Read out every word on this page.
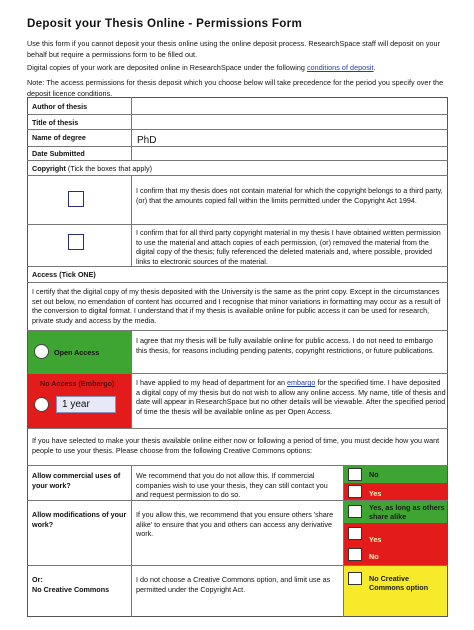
Deposit your Thesis Online - Permissions Form
Use this form if you cannot deposit your thesis online using the online deposit process. ResearchSpace staff will deposit on your behalf but require a permissions form to be filled out.
Digital copies of your work are deposited online in ResearchSpace under the following conditions of deposit.
Note: The access permissions for thesis deposit which you choose below will take precedence for the period you specify over the deposit licence conditions.
Author of thesis
Title of thesis
Name of degree	PhD
Date Submitted
Copyright (Tick the boxes that apply)
I confirm that my thesis does not contain material for which the copyright belongs to a third party, (or) that the amounts copied fall within the limits permitted under the Copyright Act 1994.
I confirm that for all third party copyright material in my thesis I have obtained written permission to use the material and attach copies of each permission, (or) removed the material from the digital copy of the thesis; fully referenced the deleted materials and, where possible, provided links to electronic sources of the material.
Access (Tick ONE)
I certify that the digital copy of my thesis deposited with the University is the same as the print copy. Except in the circumstances set out below, no emendation of content has occurred and I recognise that minor variations in formatting may occur as a result of the conversion to digital format. I understand that if my thesis is available online for public access it can be used for research, private study and access by the media.
Open Access
I agree that my thesis will be fully available online for public access. I do not need to embargo this thesis, for reasons including pending patents, copyright restrictions, or future publications.
No Access (Embargo)
1 year
I have applied to my head of department for an embargo for the specified time. I have deposited a digital copy of my thesis but do not wish to allow any online access. My name, title of thesis and date will appear in ResearchSpace but no other details will be viewable. After the specified period of time the thesis will be available online as per Open Access.
If you have selected to make your thesis available online either now or following a period of time, you must decide how you want people to use your thesis. Please choose from the following Creative Commons options:
Allow commercial uses of your work?
We recommend that you do not allow this. If commercial companies wish to use your thesis, they can still contact you and request permission to do so.
No
Yes
Allow modifications of your work?
If you allow this, we recommend that you ensure others 'share alike' to ensure that you and others can access any derivative work.
Yes, as long as others share alike
Yes
No
Or:
No Creative Commons
I do not choose a Creative Commons option, and limit use as permitted under the Copyright Act.
No Creative Commons option
